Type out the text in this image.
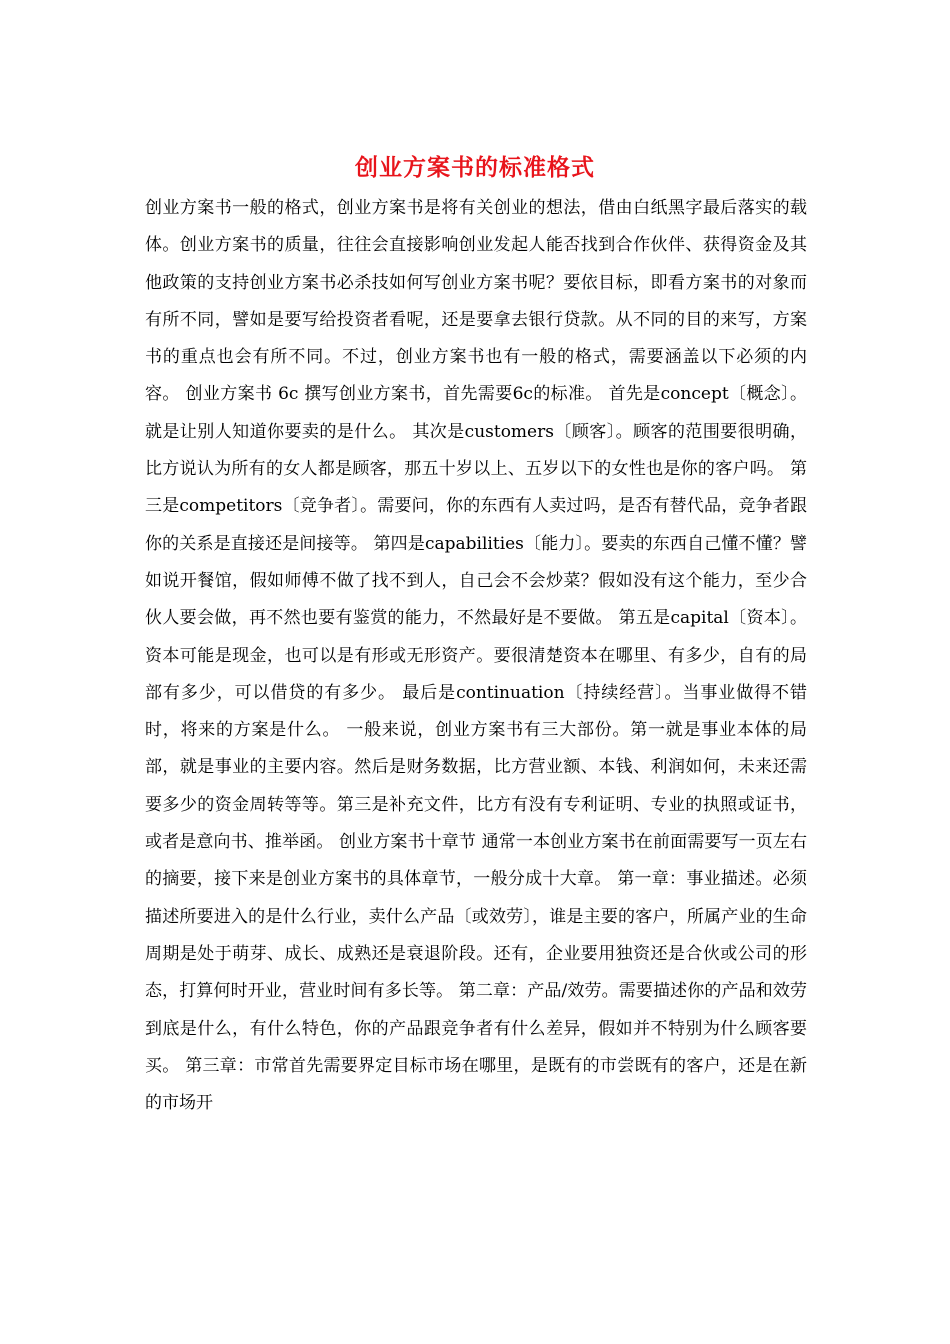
创业方案书的标准格式

创业方案书一般的格式，创业方案书是将有关创业的想法，借由白纸黑字最后落实的载体。创业方案书的质量，往往会直接影响创业发起人能否找到合作伙伴、获得资金及其他政策的支持创业方案书必杀技如何写创业方案书呢？要依目标，即看方案书的对象而有所不同，譬如是要写给投资者看呢，还是要拿去银行贷款。从不同的目的来写，方案书的重点也会有所不同。不过，创业方案书也有一般的格式，需要涵盖以下必须的内容。 创业方案书 6c 撰写创业方案书，首先需要6c的标准。 首先是concept〔概念〕。就是让别人知道你要卖的是什么。 其次是customers〔顾客〕。顾客的范围要很明确，比方说认为所有的女人都是顾客，那五十岁以上、五岁以下的女性也是你的客户吗。 第三是competitors〔竞争者〕。需要问，你的东西有人卖过吗，是否有替代品，竞争者跟你的关系是直接还是间接等。 第四是capabilities〔能力〕。要卖的东西自己懂不懂？譬如说开餐馆，假如师傅不做了找不到人，自己会不会炒菜？假如没有这个能力，至少合伙人要会做，再不然也要有鉴赏的能力，不然最好是不要做。 第五是capital〔资本〕。资本可能是现金，也可以是有形或无形资产。要很清楚资本在哪里、有多少，自有的局部有多少，可以借贷的有多少。 最后是continuation〔持续经营〕。当事业做得不错时，将来的方案是什么。 一般来说，创业方案书有三大部份。第一就是事业本体的局部，就是事业的主要内容。然后是财务数据，比方营业额、本钱、利润如何，未来还需要多少的资金周转等等。第三是补充文件，比方有没有专利证明、专业的执照或证书，或者是意向书、推举函。 创业方案书十章节 通常一本创业方案书在前面需要写一页左右的摘要，接下来是创业方案书的具体章节，一般分成十大章。 第一章：事业描述。必须描述所要进入的是什么行业，卖什么产品〔或效劳〕，谁是主要的客户，所属产业的生命周期是处于萌芽、成长、成熟还是衰退阶段。还有，企业要用独资还是合伙或公司的形态，打算何时开业，营业时间有多长等。 第二章：产品/效劳。需要描述你的产品和效劳到底是什么，有什么特色，你的产品跟竞争者有什么差异，假如并不特别为什么顾客要买。 第三章：市常首先需要界定目标市场在哪里，是既有的市尝既有的客户，还是在新的市场开
